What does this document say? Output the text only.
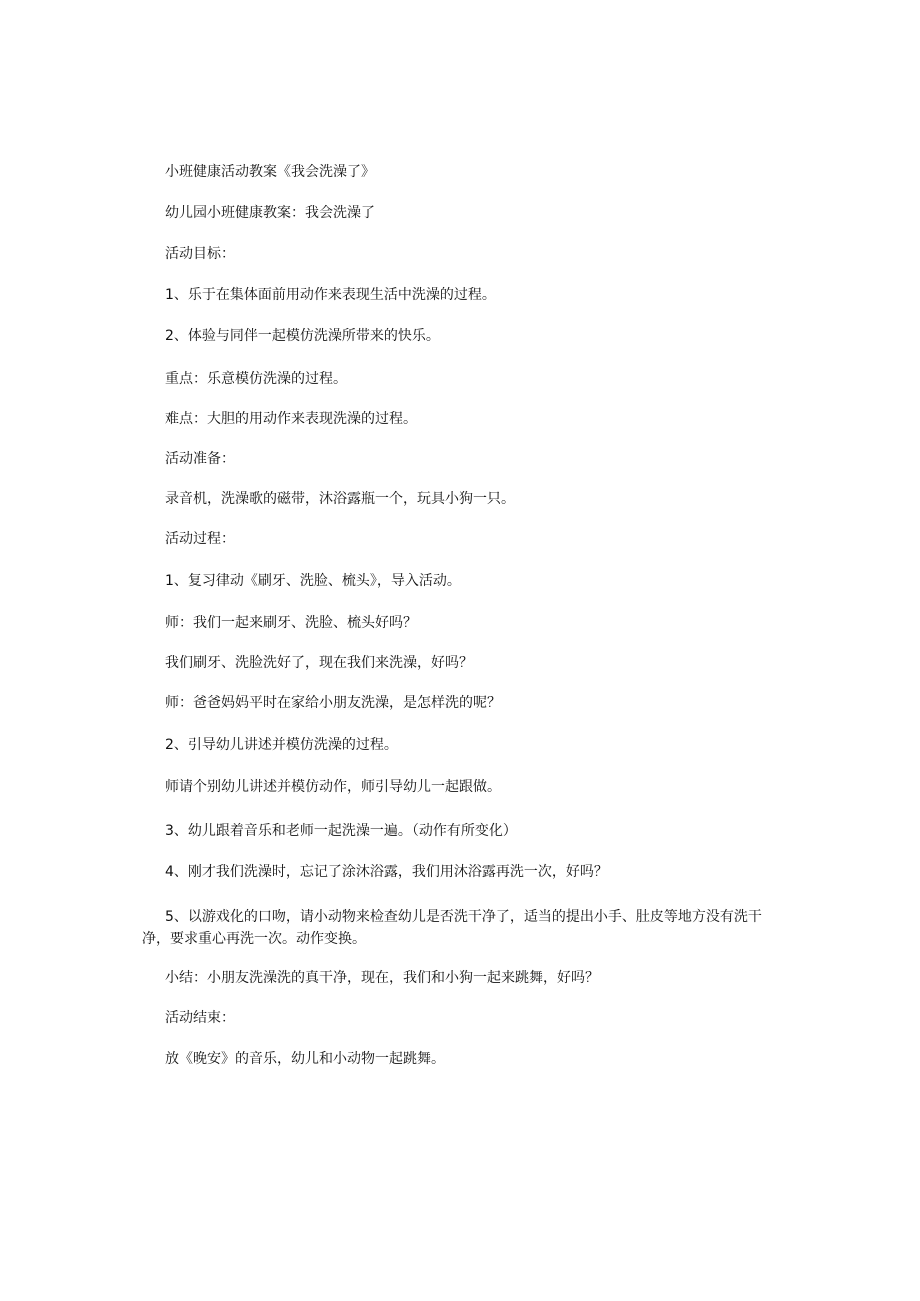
小班健康活动教案《我会洗澡了》

幼儿园小班健康教案：我会洗澡了

活动目标：

1、乐于在集体面前用动作来表现生活中洗澡的过程。

2、体验与同伴一起模仿洗澡所带来的快乐。

重点：乐意模仿洗澡的过程。

难点：大胆的用动作来表现洗澡的过程。

活动准备：

录音机，洗澡歌的磁带，沐浴露瓶一个，玩具小狗一只。

活动过程：

1、复习律动《刷牙、洗脸、梳头》，导入活动。

师：我们一起来刷牙、洗脸、梳头好吗？

我们刷牙、洗脸洗好了，现在我们来洗澡，好吗？

师：爸爸妈妈平时在家给小朋友洗澡，是怎样洗的呢？

2、引导幼儿讲述并模仿洗澡的过程。

师请个别幼儿讲述并模仿动作，师引导幼儿一起跟做。

3、幼儿跟着音乐和老师一起洗澡一遍。（动作有所变化）

4、刚才我们洗澡时，忘记了涂沐浴露，我们用沐浴露再洗一次，好吗？

5、以游戏化的口吻，请小动物来检查幼儿是否洗干净了，适当的提出小手、肚皮等地方没有洗干净，要求重心再洗一次。动作变换。

小结：小朋友洗澡洗的真干净，现在，我们和小狗一起来跳舞，好吗？

活动结束：

放《晚安》的音乐，幼儿和小动物一起跳舞。
